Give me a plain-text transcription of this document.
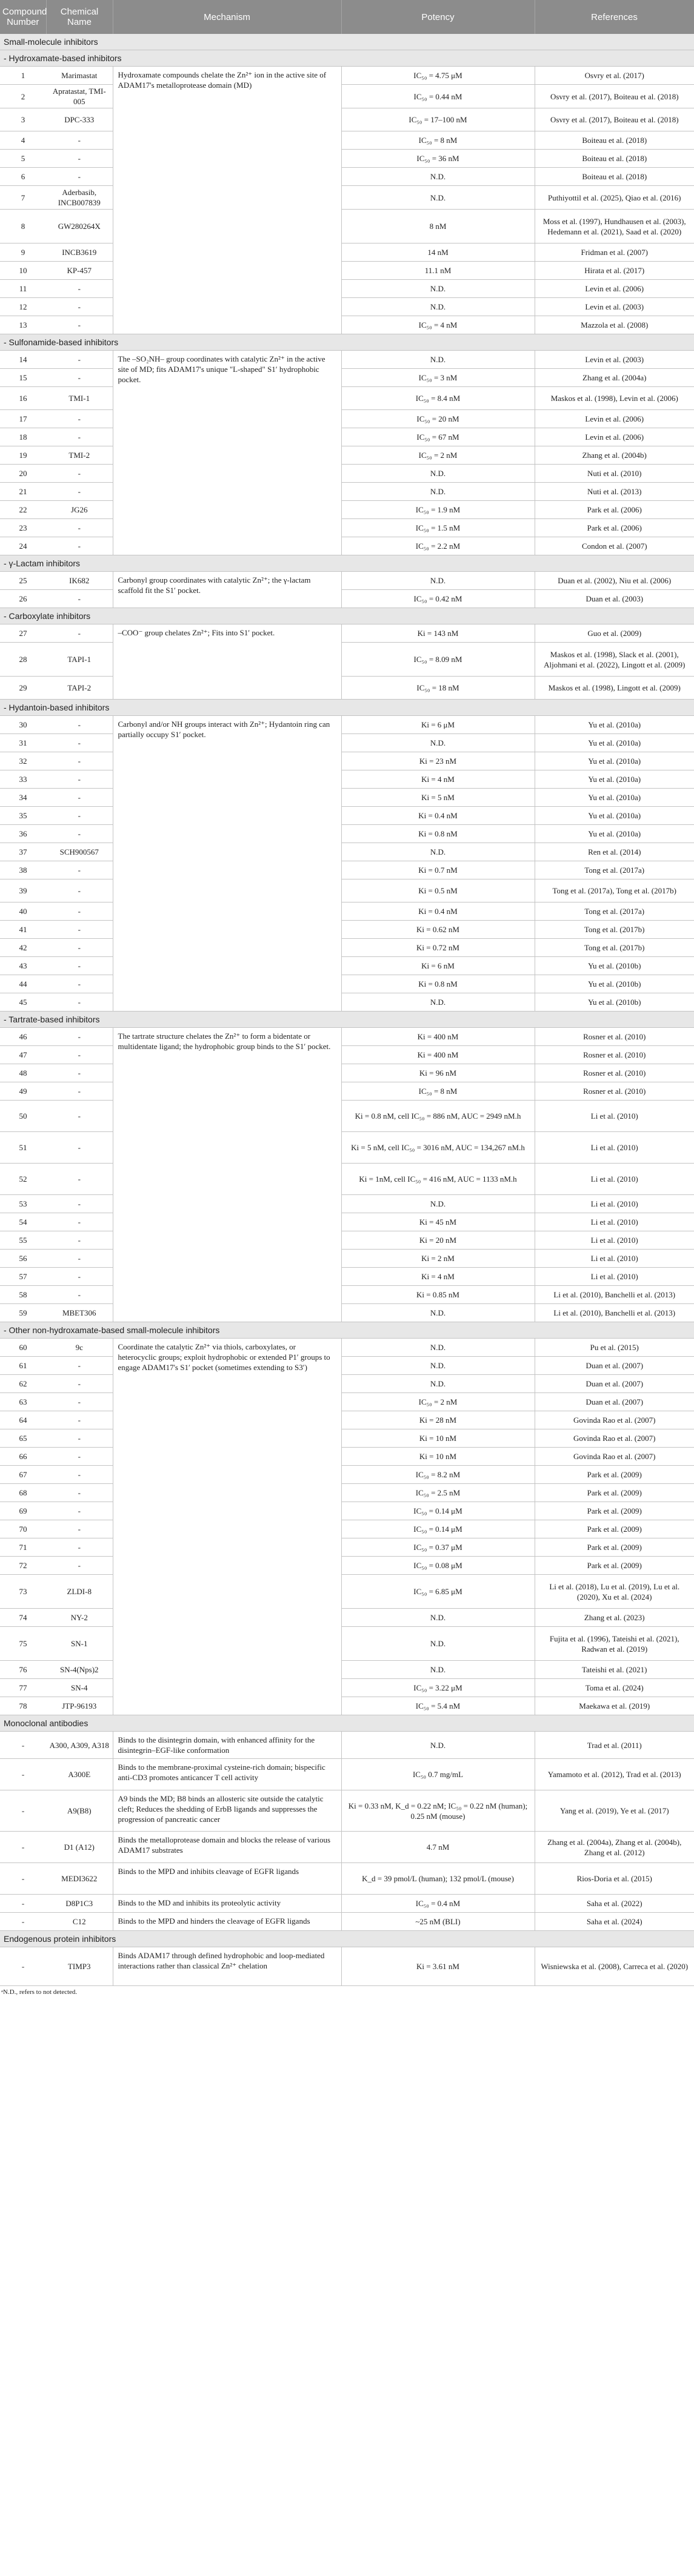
Compound Number	Chemical Name	Mechanism	Potency	References
Small-molecule inhibitors				
- Hydroxamate-based inhibitors				
1	Marimastat	Hydroxamate compounds chelate the Zn²⁺ ion in the active site of ADAM17's metalloprotease domain (MD)	IC₅₀ = 4.75 μM	Osvry et al. (2017)
2	Apratastat, TMI-005		IC₅₀ = 0.44 nM	Osvry et al. (2017), Boiteau et al. (2018)
3	DPC-333		IC₅₀ = 17–100 nM	Osvry et al. (2017), Boiteau et al. (2018)
4	-		IC₅₀ = 8 nM	Boiteau et al. (2018)
5	-		IC₅₀ = 36 nM	Boiteau et al. (2018)
6	-		N.D.	Boiteau et al. (2018)
7	Aderbasib, INCB007839		N.D.	Puthiyottil et al. (2025), Qiao et al. (2016)
8	GW280264X		8 nM	Moss et al. (1997), Hundhausen et al. (2003), Hedemann et al. (2021), Saad et al. (2020)
9	INCB3619		14 nM	Fridman et al. (2007)
10	KP-457		11.1 nM	Hirata et al. (2017)
11	-		N.D.	Levin et al. (2006)
12	-		N.D.	Levin et al. (2003)
13	-		IC₅₀ = 4 nM	Mazzola et al. (2008)
- Sulfonamide-based inhibitors				
14	-	The –SO₂NH– group coordinates with catalytic Zn²⁺ in the active site of MD; fits ADAM17's unique "L-shaped" S1′ hydrophobic pocket.	N.D.	Levin et al. (2003)
15	-		IC₅₀ = 3 nM	Zhang et al. (2004a)
16	TMI-1		IC₅₀ = 8.4 nM	Maskos et al. (1998), Levin et al. (2006)
17	-		IC₅₀ = 20 nM	Levin et al. (2006)
18	-		IC₅₀ = 67 nM	Levin et al. (2006)
19	TMI-2		IC₅₀ = 2 nM	Zhang et al. (2004b)
20	-		N.D.	Nuti et al. (2010)
21	-		N.D.	Nuti et al. (2013)
22	JG26		IC₅₀ = 1.9 nM	Park et al. (2006)
23	-		IC₅₀ = 1.5 nM	Park et al. (2006)
24	-		IC₅₀ = 2.2 nM	Condon et al. (2007)
- γ-Lactam inhibitors				
25	IK682	Carbonyl group coordinates with catalytic Zn²⁺; the γ-lactam scaffold fit the S1′ pocket.	N.D.	Duan et al. (2002), Niu et al. (2006)
26	-		IC₅₀ = 0.42 nM	Duan et al. (2003)
- Carboxylate inhibitors				
27	-	–COO⁻ group chelates Zn²⁺; Fits into S1′ pocket.	Ki = 143 nM	Guo et al. (2009)
28	TAPI-1		IC₅₀ = 8.09 nM	Maskos et al. (1998), Slack et al. (2001), Aljohmani et al. (2022), Lingott et al. (2009)
29	TAPI-2		IC₅₀ = 18 nM	Maskos et al. (1998), Lingott et al. (2009)
- Hydantoin-based inhibitors				
30	-	Carbonyl and/or NH groups interact with Zn²⁺; Hydantoin ring can partially occupy S1′ pocket.	Ki = 6 μM	Yu et al. (2010a)
31	-		N.D.	Yu et al. (2010a)
32	-		Ki = 23 nM	Yu et al. (2010a)
33	-		Ki = 4 nM	Yu et al. (2010a)
34	-		Ki = 5 nM	Yu et al. (2010a)
35	-		Ki = 0.4 nM	Yu et al. (2010a)
36	-		Ki = 0.8 nM	Yu et al. (2010a)
37	SCH900567		N.D.	Ren et al. (2014)
38	-		Ki = 0.7 nM	Tong et al. (2017a)
39	-		Ki = 0.5 nM	Tong et al. (2017a), Tong et al. (2017b)
40	-		Ki = 0.4 nM	Tong et al. (2017a)
41	-		Ki = 0.62 nM	Tong et al. (2017b)
42	-		Ki = 0.72 nM	Tong et al. (2017b)
43	-		Ki = 6 nM	Yu et al. (2010b)
44	-		Ki = 0.8 nM	Yu et al. (2010b)
45	-		N.D.	Yu et al. (2010b)
- Tartrate-based inhibitors				
46	-	The tartrate structure chelates the Zn²⁺ to form a bidentate or multidentate ligand; the hydrophobic group binds to the S1′ pocket.	Ki = 400 nM	Rosner et al. (2010)
47	-		Ki = 400 nM	Rosner et al. (2010)
48	-		Ki = 96 nM	Rosner et al. (2010)
49	-		IC₅₀ = 8 nM	Rosner et al. (2010)
50	-		Ki = 0.8 nM, cell IC₅₀ = 886 nM, AUC = 2949 nM.h	Li et al. (2010)
51	-		Ki = 5 nM, cell IC₅₀ = 3016 nM, AUC = 134,267 nM.h	Li et al. (2010)
52	-		Ki = 1nM, cell IC₅₀ = 416 nM, AUC = 1133 nM.h	Li et al. (2010)
53	-		N.D.	Li et al. (2010)
54	-		Ki = 45 nM	Li et al. (2010)
55	-		Ki = 20 nM	Li et al. (2010)
56	-		Ki = 2 nM	Li et al. (2010)
57	-		Ki = 4 nM	Li et al. (2010)
58	-		Ki = 0.85 nM	Li et al. (2010), Banchelli et al. (2013)
59	MBET306		N.D.	Li et al. (2010), Banchelli et al. (2013)
- Other non-hydroxamate-based small-molecule inhibitors				
60	9c	Coordinate the catalytic Zn²⁺ via thiols, carboxylates, or heterocyclic groups; exploit hydrophobic or extended P1′ groups to engage ADAM17's S1′ pocket (sometimes extending to S3′)	N.D.	Pu et al. (2015)
61	-		N.D.	Duan et al. (2007)
62	-		N.D.	Duan et al. (2007)
63	-		IC₅₀ = 2 nM	Duan et al. (2007)
64	-		Ki = 28 nM	Govinda Rao et al. (2007)
65	-		Ki = 10 nM	Govinda Rao et al. (2007)
66	-		Ki = 10 nM	Govinda Rao et al. (2007)
67	-		IC₅₀ = 8.2 nM	Park et al. (2009)
68	-		IC₅₀ = 2.5 nM	Park et al. (2009)
69	-		IC₅₀ = 0.14 μM	Park et al. (2009)
70	-		IC₅₀ = 0.14 μM	Park et al. (2009)
71	-		IC₅₀ = 0.37 μM	Park et al. (2009)
72	-		IC₅₀ = 0.08 μM	Park et al. (2009)
73	ZLDI-8		IC₅₀ = 6.85 μM	Li et al. (2018), Lu et al. (2019), Lu et al. (2020), Xu et al. (2024)
74	NY-2		N.D.	Zhang et al. (2023)
75	SN-1		N.D.	Fujita et al. (1996), Tateishi et al. (2021), Radwan et al. (2019)
76	SN-4(Nps)2		N.D.	Tateishi et al. (2021)
77	SN-4		IC₅₀ = 3.22 μM	Toma et al. (2024)
78	JTP-96193		IC₅₀ = 5.4 nM	Maekawa et al. (2019)
Monoclonal antibodies				
-	A300, A309, A318	Binds to the disintegrin domain, with enhanced affinity for the disintegrin–EGF-like conformation	N.D.	Trad et al. (2011)
-	A300E	Binds to the membrane-proximal cysteine-rich domain; bispecific anti-CD3 promotes anticancer T cell activity	IC₅₀ 0.7 mg/mL	Yamamoto et al. (2012), Trad et al. (2013)
-	A9(B8)	A9 binds the MD; B8 binds an allosteric site outside the catalytic cleft; Reduces the shedding of ErbB ligands and suppresses the progression of pancreatic cancer	Ki = 0.33 nM, K_d = 0.22 nM; IC₅₀ = 0.22 nM (human); 0.25 nM (mouse)	Yang et al. (2019), Ye et al. (2017)
-	D1 (A12)	Binds the metalloprotease domain and blocks the release of various ADAM17 substrates	4.7 nM	Zhang et al. (2004a), Zhang et al. (2004b), Zhang et al. (2012)
-	MEDI3622	Binds to the MPD and inhibits cleavage of EGFR ligands	K_d = 39 pmol/L (human); 132 pmol/L (mouse)	Rios-Doria et al. (2015)
-	D8P1C3	Binds to the MD and inhibits its proteolytic activity	IC₅₀ = 0.4 nM	Saha et al. (2022)
-	C12	Binds to the MPD and hinders the cleavage of EGFR ligands	~25 nM (BLI)	Saha et al. (2024)
Endogenous protein inhibitors				
-	TIMP3	Binds ADAM17 through defined hydrophobic and loop-mediated interactions rather than classical Zn²⁺ chelation	Ki = 3.61 nM	Wisniewska et al. (2008), Carreca et al. (2020)
ᵃN.D., refers to not detected.
